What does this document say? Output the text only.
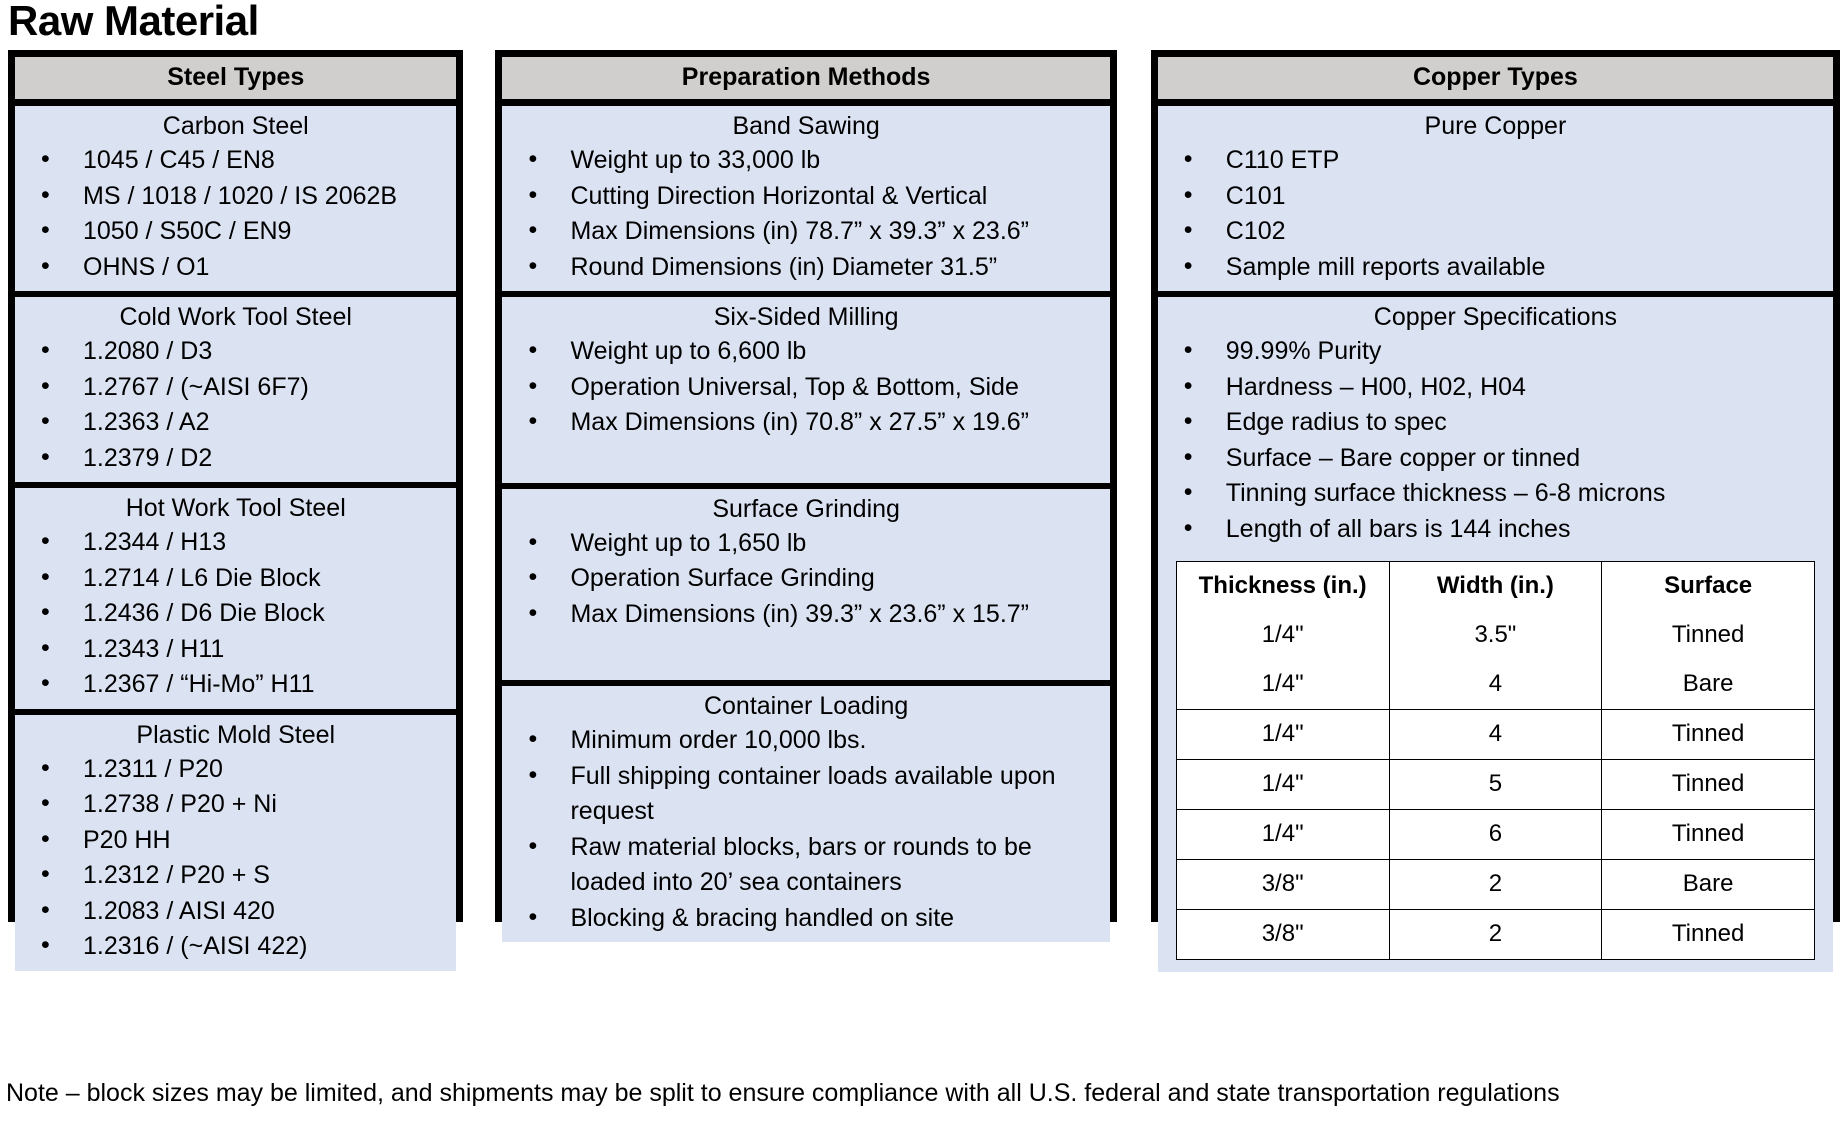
Raw Material
Steel Types
Carbon Steel
• 1045 / C45 / EN8
• MS / 1018 / 1020 / IS 2062B
• 1050 / S50C / EN9
• OHNS / O1
Cold Work Tool Steel
• 1.2080 / D3
• 1.2767 / (~AISI 6F7)
• 1.2363 / A2
• 1.2379 / D2
Hot Work Tool Steel
• 1.2344 / H13
• 1.2714 / L6 Die Block
• 1.2436 / D6 Die Block
• 1.2343 / H11
• 1.2367 / “Hi-Mo” H11
Plastic Mold Steel
• 1.2311 / P20
• 1.2738 / P20 + Ni
• P20 HH
• 1.2312 / P20 + S
• 1.2083 / AISI 420
• 1.2316 / (~AISI 422)
Preparation Methods
Band Sawing
• Weight up to 33,000 lb
• Cutting Direction Horizontal & Vertical
• Max Dimensions (in) 78.7” x 39.3” x 23.6”
• Round Dimensions (in) Diameter 31.5”
Six-Sided Milling
• Weight up to 6,600 lb
• Operation Universal, Top & Bottom, Side
• Max Dimensions (in) 70.8” x 27.5” x 19.6”
Surface Grinding
• Weight up to 1,650 lb
• Operation Surface Grinding
• Max Dimensions (in) 39.3” x 23.6” x 15.7”
Container Loading
• Minimum order 10,000 lbs.
• Full shipping container loads available upon request
• Raw material blocks, bars or rounds to be loaded into 20’ sea containers
• Blocking & bracing handled on site
Copper Types
Pure Copper
• C110 ETP
• C101
• C102
• Sample mill reports available
Copper Specifications
• 99.99% Purity
• Hardness – H00, H02, H04
• Edge radius to spec
• Surface – Bare copper or tinned
• Tinning surface thickness – 6-8 microns
• Length of all bars is 144 inches
Thickness (in.)	Width (in.)	Surface
1/4"	3.5"	Tinned
1/4"	4	Bare
1/4"	4	Tinned
1/4"	5	Tinned
1/4"	6	Tinned
3/8"	2	Bare
3/8"	2	Tinned
Note – block sizes may be limited, and shipments may be split to ensure compliance with all U.S. federal and state transportation regulations
